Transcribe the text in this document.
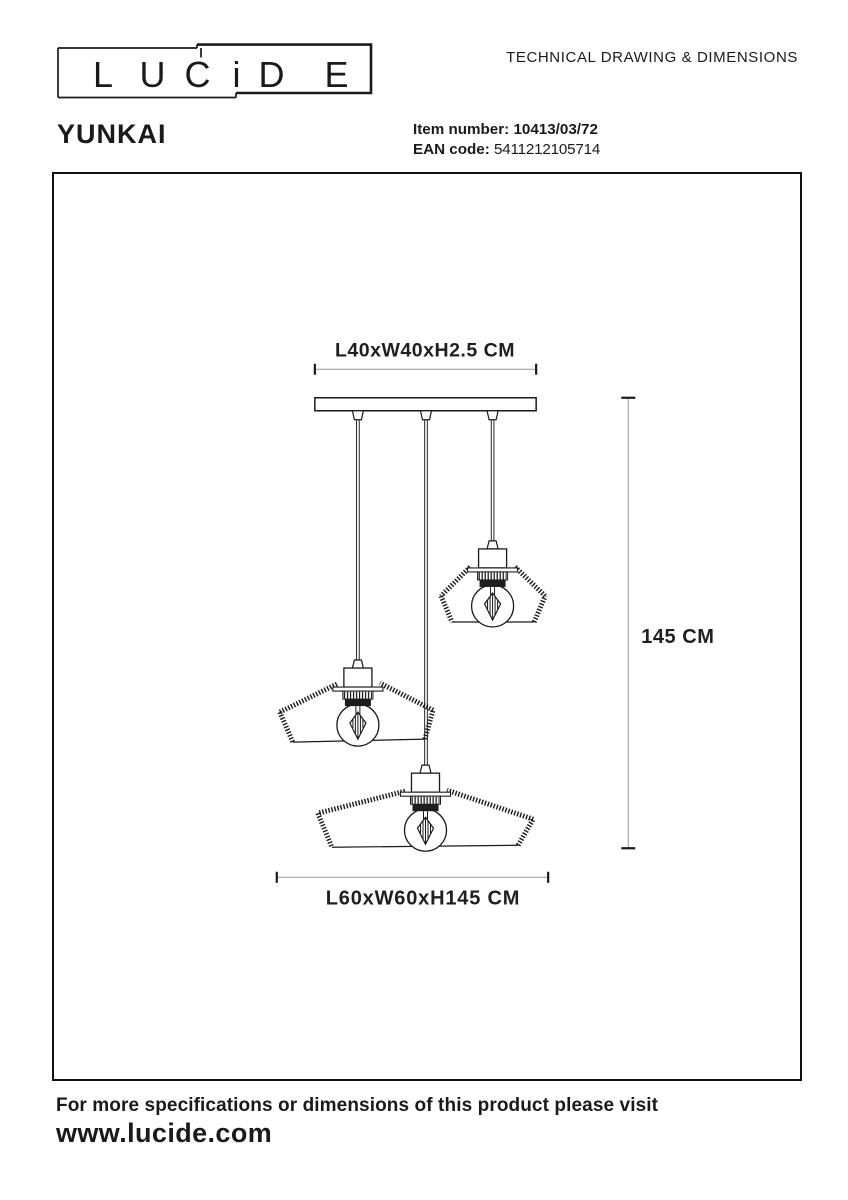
L U C i D E	TECHNICAL DRAWING & DIMENSIONS
YUNKAI	Item number: 10413/03/72
EAN code: 5411212105714
L40xW40xH2.5 CM
L60xW60xH145 CM
145 CM
For more specifications or dimensions of this product please visit
www.lucide.com
